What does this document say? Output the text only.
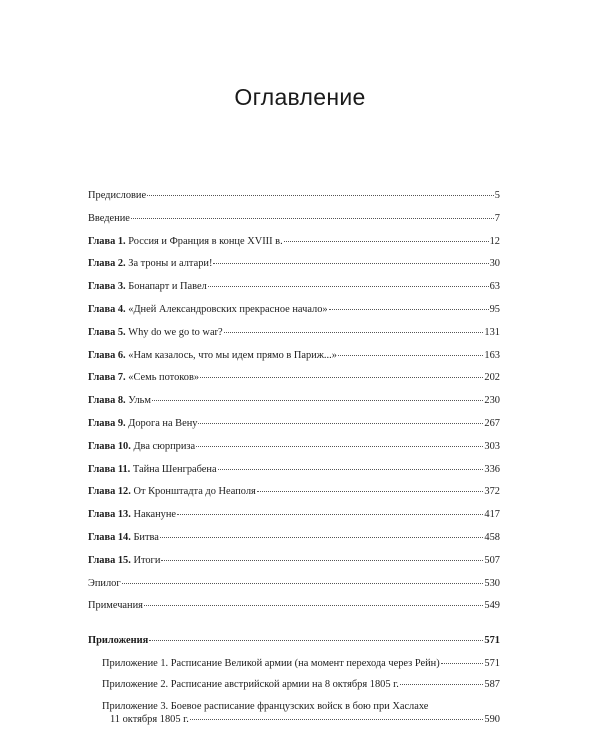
Оглавление
Предисловие	5
Введение	7
Глава 1. Россия и Франция в конце XVIII в.	12
Глава 2. За троны и алтари!	30
Глава 3. Бонапарт и Павел	63
Глава 4. «Дней Александровских прекрасное начало»	95
Глава 5. Why do we go to war?	131
Глава 6. «Нам казалось, что мы идем прямо в Париж...»	163
Глава 7. «Семь потоков»	202
Глава 8. Ульм	230
Глава 9. Дорога на Вену	267
Глава 10. Два сюрприза	303
Глава 11. Тайна Шенграбена	336
Глава 12. От Кронштадта до Неаполя	372
Глава 13. Накануне	417
Глава 14. Битва	458
Глава 15. Итоги	507
Эпилог	530
Примечания	549
Приложения	571
Приложение 1. Расписание Великой армии (на момент перехода через Рейн)	571
Приложение 2. Расписание австрийской армии на 8 октября 1805 г.	587
Приложение 3. Боевое расписание французских войск в бою при Хаслахе
11 октября 1805 г.	590
